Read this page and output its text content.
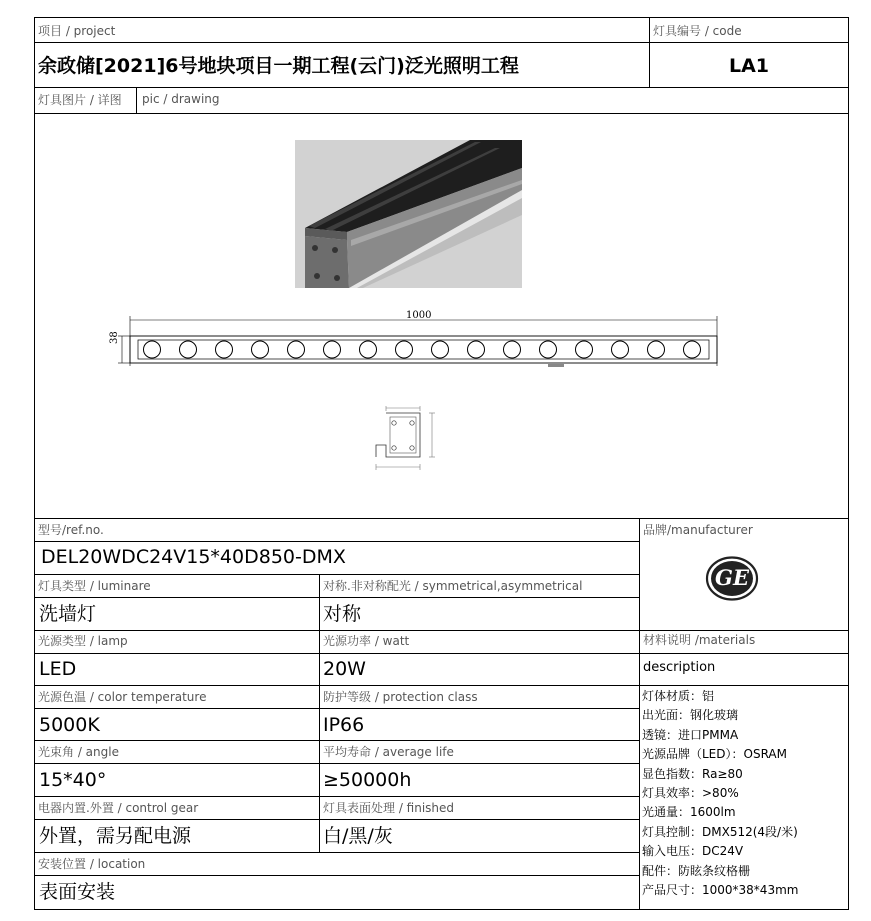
项目 / project	灯具编号 / code
余政储[2021]6号地块项目一期工程(云门)泛光照明工程	LA1
灯具图片 / 详图 pic / drawing
1000
38
型号/ref.no.	品牌/manufacturer
DEL20WDC24V15*40D850-DMX
GE
灯具类型 / luminare	对称.非对称配光 / symmetrical,asymmetrical
洗墙灯	对称
光源类型 / lamp	光源功率 / watt	材料说明 /materials
LED	20W	description
光源色温 / color temperature	防护等级 / protection class
5000K	IP66
光束角 / angle	平均寿命 / average life
15*40°	≥50000h
电器内置.外置 / control gear	灯具表面处理 / finished
外置，需另配电源	白/黑/灰
安装位置 / location
表面安装
灯体材质：铝
出光面：钢化玻璃
透镜：进口PMMA
光源品牌（LED）：OSRAM
显色指数：Ra≥80
灯具效率：>80%
光通量：1600lm
灯具控制：DMX512(4段/米)
输入电压：DC24V
配件：防眩条纹格栅
产品尺寸：1000*38*43mm
